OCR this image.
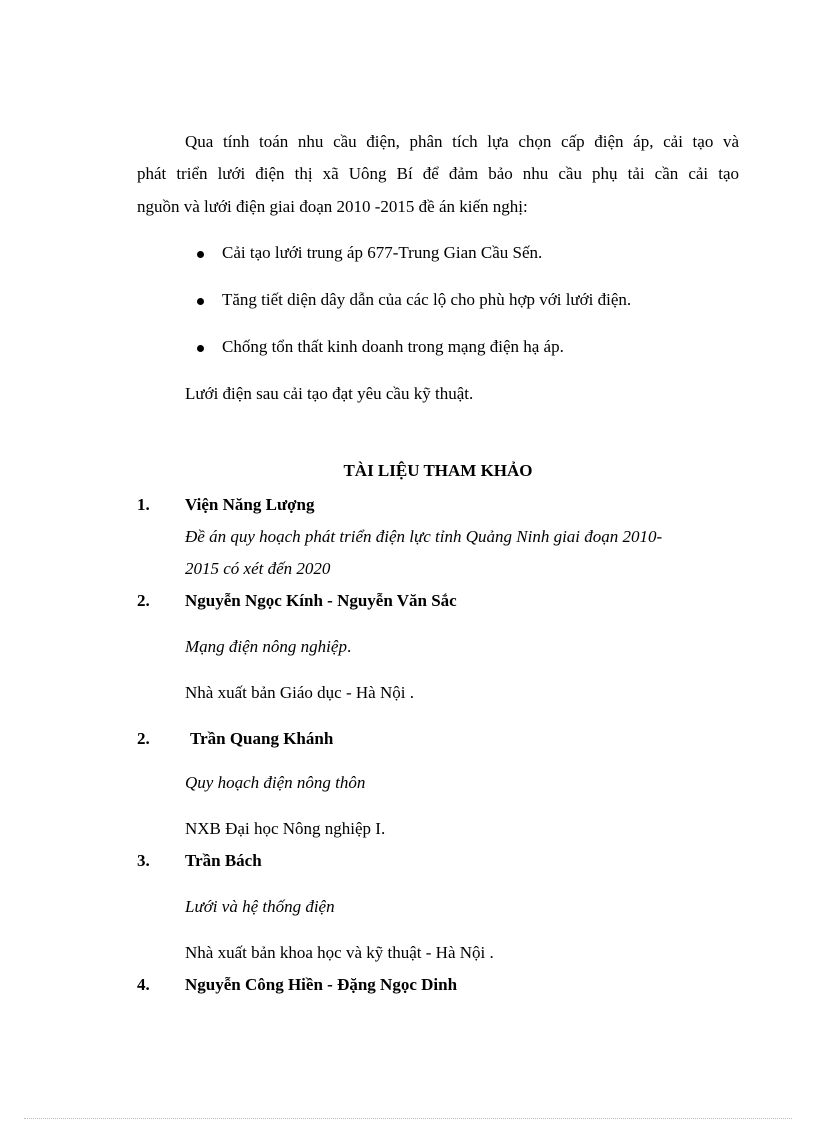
Qua tính toán nhu cầu điện, phân tích lựa chọn cấp điện áp, cải tạo và
phát triển lưới điện thị xã Uông Bí để đảm bảo nhu cầu phụ tải cần cải tạo
nguồn và lưới điện giai đoạn 2010 -2015 đề án kiến nghị:
Cải tạo lưới trung áp 677-Trung Gian Cầu Sến.
Tăng tiết diện dây dẫn của các lộ cho phù hợp với lưới điện.
Chống tổn thất kinh doanh trong mạng điện hạ áp.
Lưới điện sau cải tạo đạt yêu cầu kỹ thuật.
TÀI LIỆU THAM KHẢO
1. Viện Năng Lượng
Đề án quy hoạch phát triển điện lực tỉnh Quảng Ninh giai đoạn 2010-
2015 có xét đến 2020
2. Nguyễn Ngọc Kính - Nguyễn Văn Sắc
Mạng điện nông nghiệp.
Nhà xuất bản Giáo dục - Hà Nội .
2. Trần Quang Khánh
Quy hoạch điện nông thôn
NXB Đại học Nông nghiệp I.
3. Trần Bách
Lưới và hệ thống điện
Nhà xuất bản khoa học và kỹ thuật - Hà Nội .
4. Nguyễn Công Hiền - Đặng Ngọc Dinh
